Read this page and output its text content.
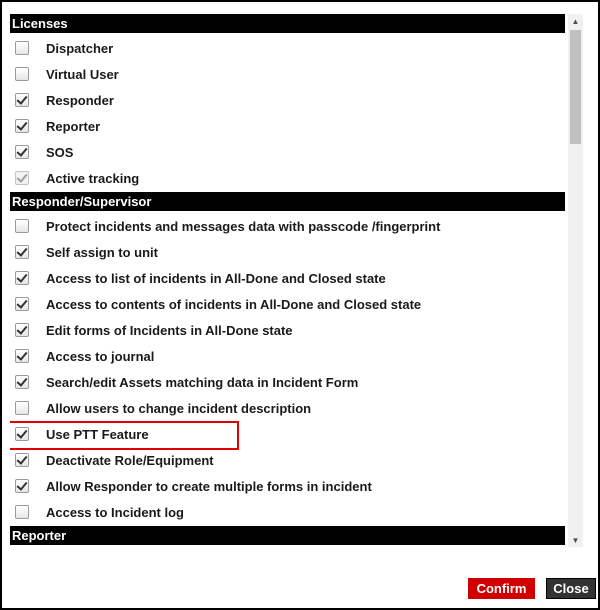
Licenses
Dispatcher
Virtual User
Responder
Reporter
SOS
Active tracking
Responder/Supervisor
Protect incidents and messages data with passcode /fingerprint
Self assign to unit
Access to list of incidents in All-Done and Closed state
Access to contents of incidents in All-Done and Closed state
Edit forms of Incidents in All-Done state
Access to journal
Search/edit Assets matching data in Incident Form
Allow users to change incident description
Use PTT Feature
Deactivate Role/Equipment
Allow Responder to create multiple forms in incident
Access to Incident log
Reporter
▲
▼
Confirm	Close
